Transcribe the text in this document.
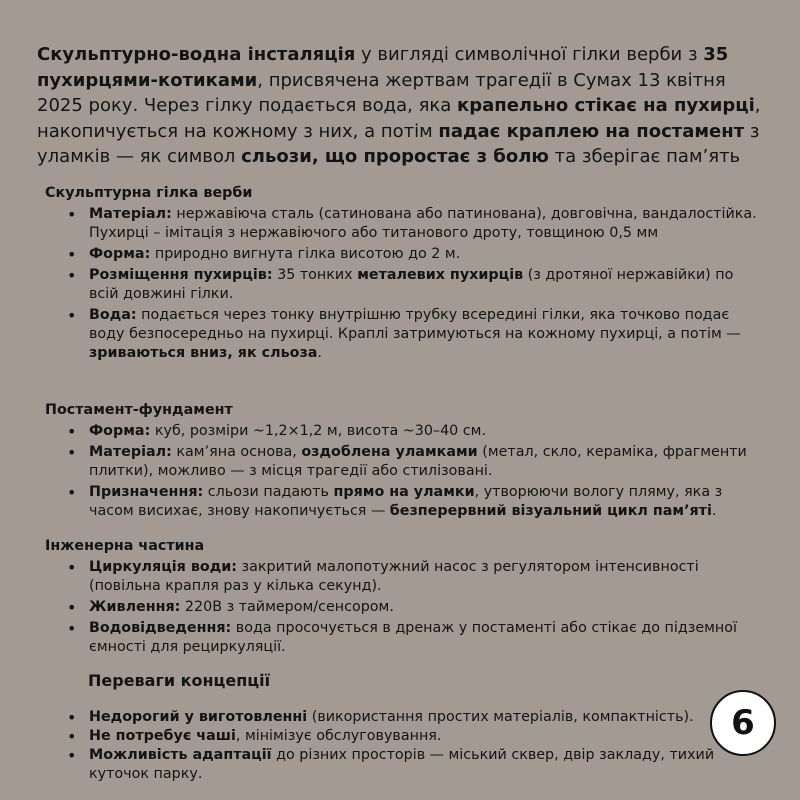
Скульптурно-водна інсталяція у вигляді символічної гілки верби з 35 пухирцями-котиками, присвячена жертвам трагедії в Сумах 13 квітня 2025 року. Через гілку подається вода, яка крапельно стікає на пухирці, накопичується на кожному з них, а потім падає краплею на постамент з уламків — як символ сльози, що проростає з болю та зберігає пам’ять

Скульптурна гілка верби

• Матеріал: нержавіюча сталь (сатинована або патинована), довговічна, вандалостійка. Пухирці – імітація з нержавіючого або титанового дроту, товщиною 0,5 мм
• Форма: природно вигнута гілка висотою до 2 м.
• Розміщення пухирців: 35 тонких металевих пухирців (з дротяної нержавійки) по всій довжині гілки.
• Вода: подається через тонку внутрішню трубку всередині гілки, яка точково подає воду безпосередньо на пухирці. Краплі затримуються на кожному пухирці, а потім — зриваються вниз, як сльоза.

Постамент-фундамент

• Форма: куб, розміри ~1,2×1,2 м, висота ~30–40 см.
• Матеріал: кам’яна основа, оздоблена уламками (метал, скло, кераміка, фрагменти плитки), можливо — з місця трагедії або стилізовані.
• Призначення: сльози падають прямо на уламки, утворюючи вологу пляму, яка з часом висихає, знову накопичується — безперервний візуальний цикл пам’яті.

Інженерна частина

• Циркуляція води: закритий малопотужний насос з регулятором інтенсивності (повільна крапля раз у кілька секунд).
• Живлення: 220В з таймером/сенсором.
• Водовідведення: вода просочується в дренаж у постаменті або стікає до підземної ємності для рециркуляції.

Переваги концепції

• Недорогий у виготовленні (використання простих матеріалів, компактність).
• Не потребує чаші, мінімізує обслуговування.
• Можливість адаптації до різних просторів — міський сквер, двір закладу, тихий куточок парку.
6
